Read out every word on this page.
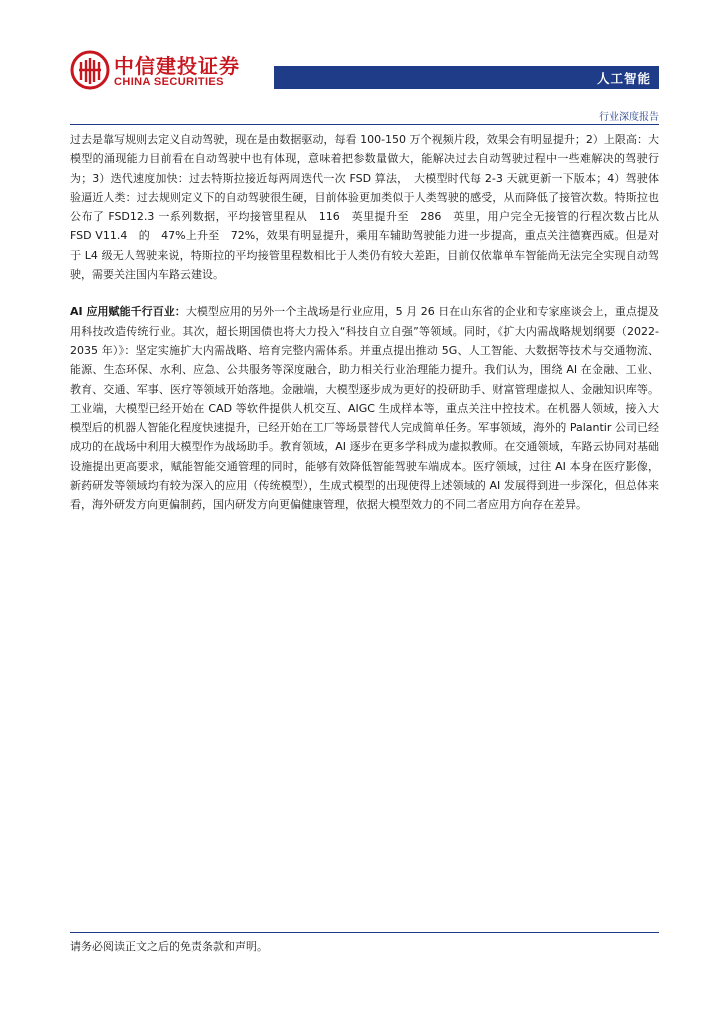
中信建投证券
CHINA SECURITIES	人工智能
行业深度报告

过去是靠写规则去定义自动驾驶，现在是由数据驱动，每看 100-150 万个视频片段，效果会有明显提升；2）上限高：大模型的涌现能力目前看在自动驾驶中也有体现，意味着把参数量做大，能解决过去自动驾驶过程中一些难解决的驾驶行为；3）迭代速度加快：过去特斯拉接近每两周迭代一次 FSD 算法，　大模型时代每 2-3 天就更新一下版本；4）驾驶体验逼近人类：过去规则定义下的自动驾驶很生硬，目前体验更加类似于人类驾驶的感受，从而降低了接管次数。特斯拉也公布了 FSD12.3 一系列数据，平均接管里程从　116　英里提升至　286　英里，用户完全无接管的行程次数占比从　FSD V11.4　的　47%上升至　72%，效果有明显提升，乘用车辅助驾驶能力进一步提高，重点关注德赛西威。但是对于 L4 级无人驾驶来说，特斯拉的平均接管里程数相比于人类仍有较大差距，目前仅依靠单车智能尚无法完全实现自动驾驶，需要关注国内车路云建设。

AI 应用赋能千行百业：大模型应用的另外一个主战场是行业应用，5 月 26 日在山东省的企业和专家座谈会上，重点提及用科技改造传统行业。其次，超长期国债也将大力投入“科技自立自强”等领域。同时，《扩大内需战略规划纲要（2022-2035 年）》：坚定实施扩大内需战略、培育完整内需体系。并重点提出推动 5G、人工智能、大数据等技术与交通物流、能源、生态环保、水利、应急、公共服务等深度融合，助力相关行业治理能力提升。我们认为，围绕 AI 在金融、工业、教育、交通、军事、医疗等领域开始落地。金融端，大模型逐步成为更好的投研助手、财富管理虚拟人、金融知识库等。工业端，大模型已经开始在 CAD 等软件提供人机交互、AIGC 生成样本等，重点关注中控技术。在机器人领域，接入大模型后的机器人智能化程度快速提升，已经开始在工厂等场景替代人完成简单任务。军事领域，海外的 Palantir 公司已经成功的在战场中利用大模型作为战场助手。教育领域，AI 逐步在更多学科成为虚拟教师。在交通领域，车路云协同对基础设施提出更高要求，赋能智能交通管理的同时，能够有效降低智能驾驶车端成本。医疗领域，过往 AI 本身在医疗影像，新药研发等领域均有较为深入的应用（传统模型），生成式模型的出现使得上述领域的 AI 发展得到进一步深化，但总体来看，海外研发方向更偏制药，国内研发方向更偏健康管理，依据大模型效力的不同二者应用方向存在差异。

请务必阅读正文之后的免责条款和声明。
